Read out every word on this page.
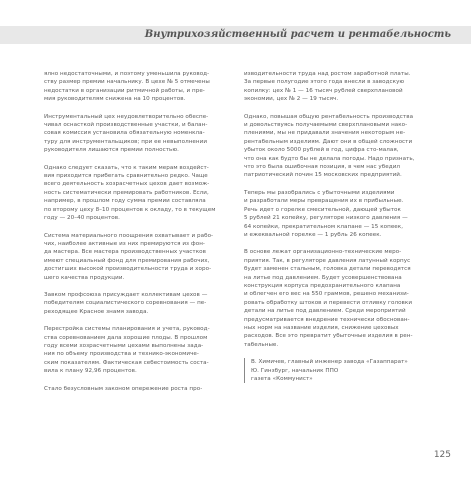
Внутрихозяйственный расчет и рентабельность

ялно недостаточными, и поэтому уменьшила руковод-
ству размер премии начальнику. В цехе № 5 отмечены
недостатки в организации ритмичной работы, и пре-
мия руководителям снижена на 10 процентов.

Инструментальный цех неудовлетворительно обеспе-
чивал оснасткой производственные участки, и балан-
совая комиссия установила обязательную номенкла-
туру для инструментальщиков; при ее невыполнении
руководителя лишаются премии полностью.

Однако следует сказать, что к таким мерам воздейст-
вия приходится прибегать сравнительно редко. Чаще
всего деятельность хозрасчетных цехов дает возмож-
ность систематически премировать работников. Если,
например, в прошлом году сумма премии составляла
по второму цеху 8–10 процентов к окладу, то в текущем
году — 20–40 процентов.

Система материального поощрения охватывает и рабо-
чих, наиболее активные из них премируются из фон-
да мастера. Все мастера производственных участков
имеют специальный фонд для премирования рабочих,
достигших высокой производительности труда и хоро-
шего качества продукции.

Завком профсоюза присуждает коллективам цехов —
победителям социалистического соревнования — пе-
реходящее Красное знамя завода.

Перестройка системы планирования и учета, руковод-
ства соревнованием дала хорошие плоды. В прошлом
году всеми хозрасчетными цехами выполнены зада-
ния по объему производства и технико-экономиче-
ским показателям. Фактическая себестоимость соста-
вила к плану 92,96 процентов.

Стало безусловным законом опережение роста про-

изводительности труда над ростом заработной платы.
За первые полугодие этого года внесли в заводскую
копилку: цех № 1 — 16 тысяч рублей сверхплановой
экономии, цех № 2 — 19 тысяч.

Однако, повышая общую рентабельность производства
и довольствуясь получаемыми сверхплановыми нако-
плениями, мы не придавали значения некоторым не-
рентабельным изделиям. Дают они в общей сложности
убыток около 5000 рублей в год, цифра сто-малая,
что она как будто бы не делала погоды. Надо признать,
что это была ошибочная позиция, в чем нас убедил
патриотический почин 15 московских предприятий.

Теперь мы разобрались с убыточными изделиями
и разработали меры превращения их в прибыльные.
Речь идет о горелке смесительной, дающей убыток
5 рублей 21 копейку, регуляторе низкого давления —
64 копейки, прекратительном клапане — 15 копеек,
и ежеквальной горелке — 1 рубль 26 копеек.

В основе лежат организационно-технические меро-
приятия. Так, в регуляторе давления латунный корпус
будет заменен стальным, головка детали переводятся
на литье под давлением. Будет усовершенствована
конструкция корпуса предохранительного клапана
и облегчен его вес на 550 граммов, решено механизи-
ровать обработку штоков и перевести отливку головки
детали на литье под давлением. Среди мероприятий
предусматривается внедрение технически обоснован-
ных норм на название изделия, снижение цеховых
расходов. Все это превратит убыточные изделия в рен-
табельные.

В. Химичев, главный инженер завода «Газаппарат»
Ю. Гинзбург, начальник ППО
газета «Коммунист»
125
